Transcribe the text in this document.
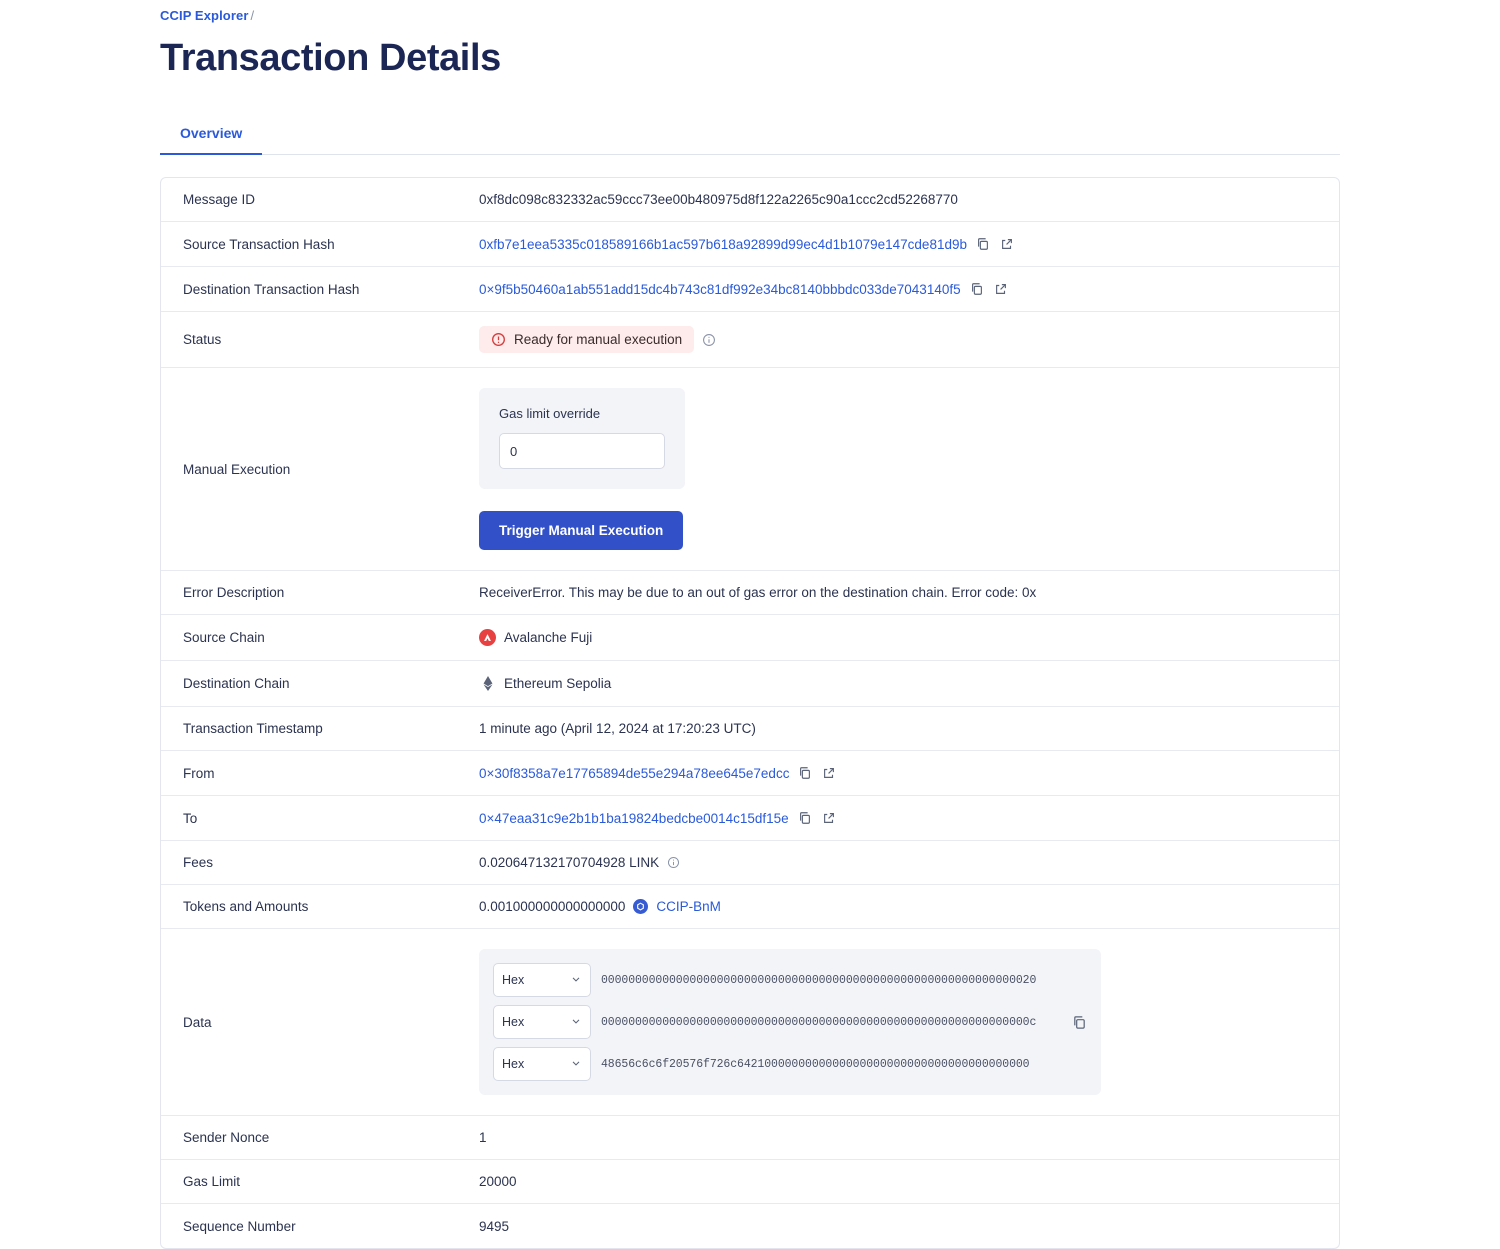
CCIP Explorer /
Transaction Details
Overview
Message ID	0xf8dc098c832332ac59ccc73ee00b480975d8f122a2265c90a1ccc2cd52268770
Source Transaction Hash	0xfb7e1eea5335c018589166b1ac597b618a92899d99ec4d1b1079e147cde81d9b
Destination Transaction Hash	0×9f5b50460a1ab551add15dc4b743c81df992e34bc8140bbbdc033de7043140f5
Status	Ready for manual execution
Manual Execution
Gas limit override
0
Trigger Manual Execution
Error Description	ReceiverError. This may be due to an out of gas error on the destination chain. Error code: 0x
Source Chain	Avalanche Fuji
Destination Chain	Ethereum Sepolia
Transaction Timestamp	1 minute ago (April 12, 2024 at 17:20:23 UTC)
From	0×30f8358a7e17765894de55e294a78ee645e7edcc
To	0×47eaa31c9e2b1b1ba19824bedcbe0014c15df15e
Fees	0.020647132170704928 LINK
Tokens and Amounts	0.001000000000000000 CCIP-BnM
Data
Hex	0000000000000000000000000000000000000000000000000000000000000020
Hex	000000000000000000000000000000000000000000000000000000000000000c
Hex	48656c6c6f20576f726c6421000000000000000000000000000000000000000
Sender Nonce	1
Gas Limit	20000
Sequence Number	9495
